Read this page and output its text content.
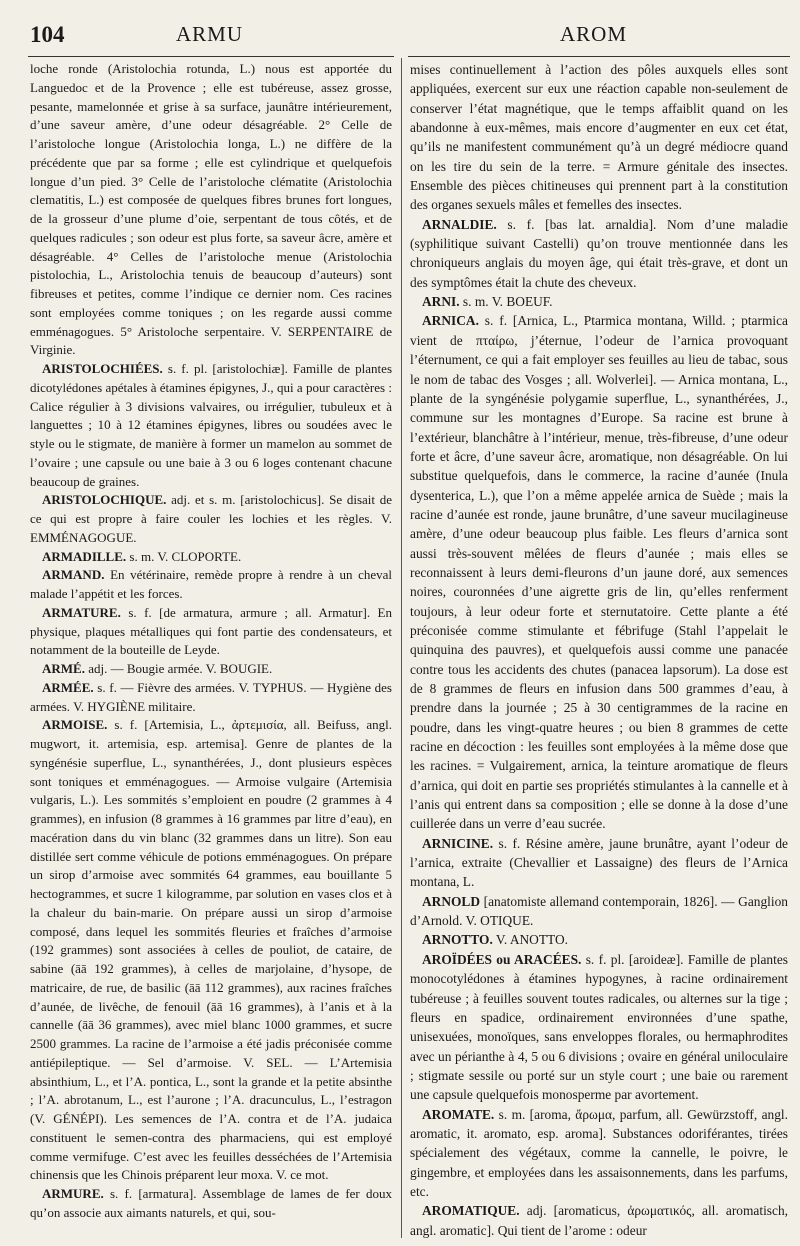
104	ARMU	AROM

loche ronde (Aristolochia rotunda, L.) nous est apportée du Languedoc et de la Provence ; elle est tubéreuse, assez grosse, pesante, mamelonnée et grise à sa surface, jaunâtre intérieurement, d’une saveur amère, d’une odeur désagréable. 2° Celle de l’aristoloche longue (Aristolochia longa, L.) ne diffère de la précédente que par sa forme ; elle est cylindrique et quelquefois longue d’un pied. 3° Celle de l’aristoloche clématite (Aristolochia clematitis, L.) est composée de quelques fibres brunes fort longues, de la grosseur d’une plume d’oie, serpentant de tous côtés, et de quelques radicules ; son odeur est plus forte, sa saveur âcre, amère et désagréable. 4° Celles de l’aristoloche menue (Aristolochia pistolochia, L., Aristolochia tenuis de beaucoup d’auteurs) sont fibreuses et petites, comme l’indique ce dernier nom. Ces racines sont employées comme toniques ; on les regarde aussi comme emménagogues. 5° Aristoloche serpentaire. V. SERPENTAIRE de Virginie.

ARISTOLOCHIÉES. s. f. pl. [aristolochiæ]. Famille de plantes dicotylédones apétales à étamines épigynes, J., qui a pour caractères : Calice régulier à 3 divisions valvaires, ou irrégulier, tubuleux et à languettes ; 10 à 12 étamines épigynes, libres ou soudées avec le style ou le stigmate, de manière à former un mamelon au sommet de l’ovaire ; une capsule ou une baie à 3 ou 6 loges contenant chacune beaucoup de graines.

ARISTOLOCHIQUE. adj. et s. m. [aristolochicus]. Se disait de ce qui est propre à faire couler les lochies et les règles. V. EMMÉNAGOGUE.

ARMADILLE. s. m. V. CLOPORTE.

ARMAND. En vétérinaire, remède propre à rendre à un cheval malade l’appétit et les forces.

ARMATURE. s. f. [de armatura, armure ; all. Armatur]. En physique, plaques métalliques qui font partie des condensateurs, et notamment de la bouteille de Leyde.

ARMÉ. adj. — Bougie armée. V. BOUGIE.

ARMÉE. s. f. — Fièvre des armées. V. TYPHUS. — Hygiène des armées. V. HYGIÈNE militaire.

ARMOISE. s. f. [Artemisia, L., ἀρτεμισία, all. Beifuss, angl. mugwort, it. artemisia, esp. artemisa]. Genre de plantes de la syngénésie superflue, L., synanthérées, J., dont plusieurs espèces sont toniques et emménagogues. — Armoise vulgaire (Artemisia vulgaris, L.). Les sommités s’emploient en poudre (2 grammes à 4 grammes), en infusion (8 grammes à 16 grammes par litre d’eau), en macération dans du vin blanc (32 grammes dans un litre). Son eau distillée sert comme véhicule de potions emménagogues. On prépare un sirop d’armoise avec sommités 64 grammes, eau bouillante 5 hectogrammes, et sucre 1 kilogramme, par solution en vases clos et à la chaleur du bain-marie. On prépare aussi un sirop d’armoise composé, dans lequel les sommités fleuries et fraîches d’armoise (192 grammes) sont associées à celles de pouliot, de cataire, de sabine (āā 192 grammes), à celles de marjolaine, d’hysope, de matricaire, de rue, de basilic (āā 112 grammes), aux racines fraîches d’aunée, de livêche, de fenouil (āā 16 grammes), à l’anis et à la cannelle (āā 36 grammes), avec miel blanc 1000 grammes, et sucre 2500 grammes. La racine de l’armoise a été jadis préconisée comme antiépileptique. — Sel d’armoise. V. SEL. — L’Artemisia absinthium, L., et l’A. pontica, L., sont la grande et la petite absinthe ; l’A. abrotanum, L., est l’aurone ; l’A. dracunculus, L., l’estragon (V. GÉNÉPI). Les semences de l’A. contra et de l’A. judaica constituent le semen-contra des pharmaciens, qui est employé comme vermifuge. C’est avec les feuilles desséchées de l’Artemisia chinensis que les Chinois préparent leur moxa. V. ce mot.

ARMURE. s. f. [armatura]. Assemblage de lames de fer doux qu’on associe aux aimants naturels, et qui, sou-

mises continuellement à l’action des pôles auxquels elles sont appliquées, exercent sur eux une réaction capable non-seulement de conserver l’état magnétique, que le temps affaiblit quand on les abandonne à eux-mêmes, mais encore d’augmenter en eux cet état, qu’ils ne manifestent communément qu’à un degré médiocre quand on les tire du sein de la terre. = Armure génitale des insectes. Ensemble des pièces chitineuses qui prennent part à la constitution des organes sexuels mâles et femelles des insectes.

ARNALDIE. s. f. [bas lat. arnaldia]. Nom d’une maladie (syphilitique suivant Castelli) qu’on trouve mentionnée dans les chroniqueurs anglais du moyen âge, qui était très-grave, et dont un des symptômes était la chute des cheveux.

ARNI. s. m. V. BOEUF.

ARNICA. s. f. [Arnica, L., Ptarmica montana, Willd. ; ptarmica vient de πταίρω, j’éternue, l’odeur de l’arnica provoquant l’éternument, ce qui a fait employer ses feuilles au lieu de tabac, sous le nom de tabac des Vosges ; all. Wolverlei]. — Arnica montana, L., plante de la syngénésie polygamie superflue, L., synanthérées, J., commune sur les montagnes d’Europe. Sa racine est brune à l’extérieur, blanchâtre à l’intérieur, menue, très-fibreuse, d’une odeur forte et âcre, d’une saveur âcre, aromatique, non désagréable. On lui substitue quelquefois, dans le commerce, la racine d’aunée (Inula dysenterica, L.), que l’on a même appelée arnica de Suède ; mais la racine d’aunée est ronde, jaune brunâtre, d’une saveur mucilagineuse amère, d’une odeur beaucoup plus faible. Les fleurs d’arnica sont aussi très-souvent mêlées de fleurs d’aunée ; mais elles se reconnaissent à leurs demi-fleurons d’un jaune doré, aux semences noires, couronnées d’une aigrette gris de lin, qu’elles renferment toujours, à leur odeur forte et sternutatoire. Cette plante a été préconisée comme stimulante et fébrifuge (Stahl l’appelait le quinquina des pauvres), et quelquefois aussi comme une panacée contre tous les accidents des chutes (panacea lapsorum). La dose est de 8 grammes de fleurs en infusion dans 500 grammes d’eau, à prendre dans la journée ; 25 à 30 centigrammes de la racine en poudre, dans les vingt-quatre heures ; ou bien 8 grammes de cette racine en décoction : les feuilles sont employées à la même dose que les racines. = Vulgairement, arnica, la teinture aromatique de fleurs d’arnica, qui doit en partie ses propriétés stimulantes à la cannelle et à l’anis qui entrent dans sa composition ; elle se donne à la dose d’une cuillerée dans un verre d’eau sucrée.

ARNICINE. s. f. Résine amère, jaune brunâtre, ayant l’odeur de l’arnica, extraite (Chevallier et Lassaigne) des fleurs de l’Arnica montana, L.

ARNOLD [anatomiste allemand contemporain, 1826]. — Ganglion d’Arnold. V. OTIQUE.

ARNOTTO. V. ANOTTO.

AROÏDÉES ou ARACÉES. s. f. pl. [aroideæ]. Famille de plantes monocotylédones à étamines hypogynes, à racine ordinairement tubéreuse ; à feuilles souvent toutes radicales, ou alternes sur la tige ; fleurs en spadice, ordinairement environnées d’une spathe, unisexuées, monoïques, sans enveloppes florales, ou hermaphrodites avec un périanthe à 4, 5 ou 6 divisions ; ovaire en général uniloculaire ; stigmate sessile ou porté sur un style court ; une baie ou rarement une capsule quelquefois monosperme par avortement.

AROMATE. s. m. [aroma, ἄρωμα, parfum, all. Gewürzstoff, angl. aromatic, it. aromato, esp. aroma]. Substances odoriférantes, tirées spécialement des végétaux, comme la cannelle, le poivre, le gingembre, et employées dans les assaisonnements, dans les parfums, etc.

AROMATIQUE. adj. [aromaticus, ἀρωματικός, all. aromatisch, angl. aromatic]. Qui tient de l’arome : odeur
